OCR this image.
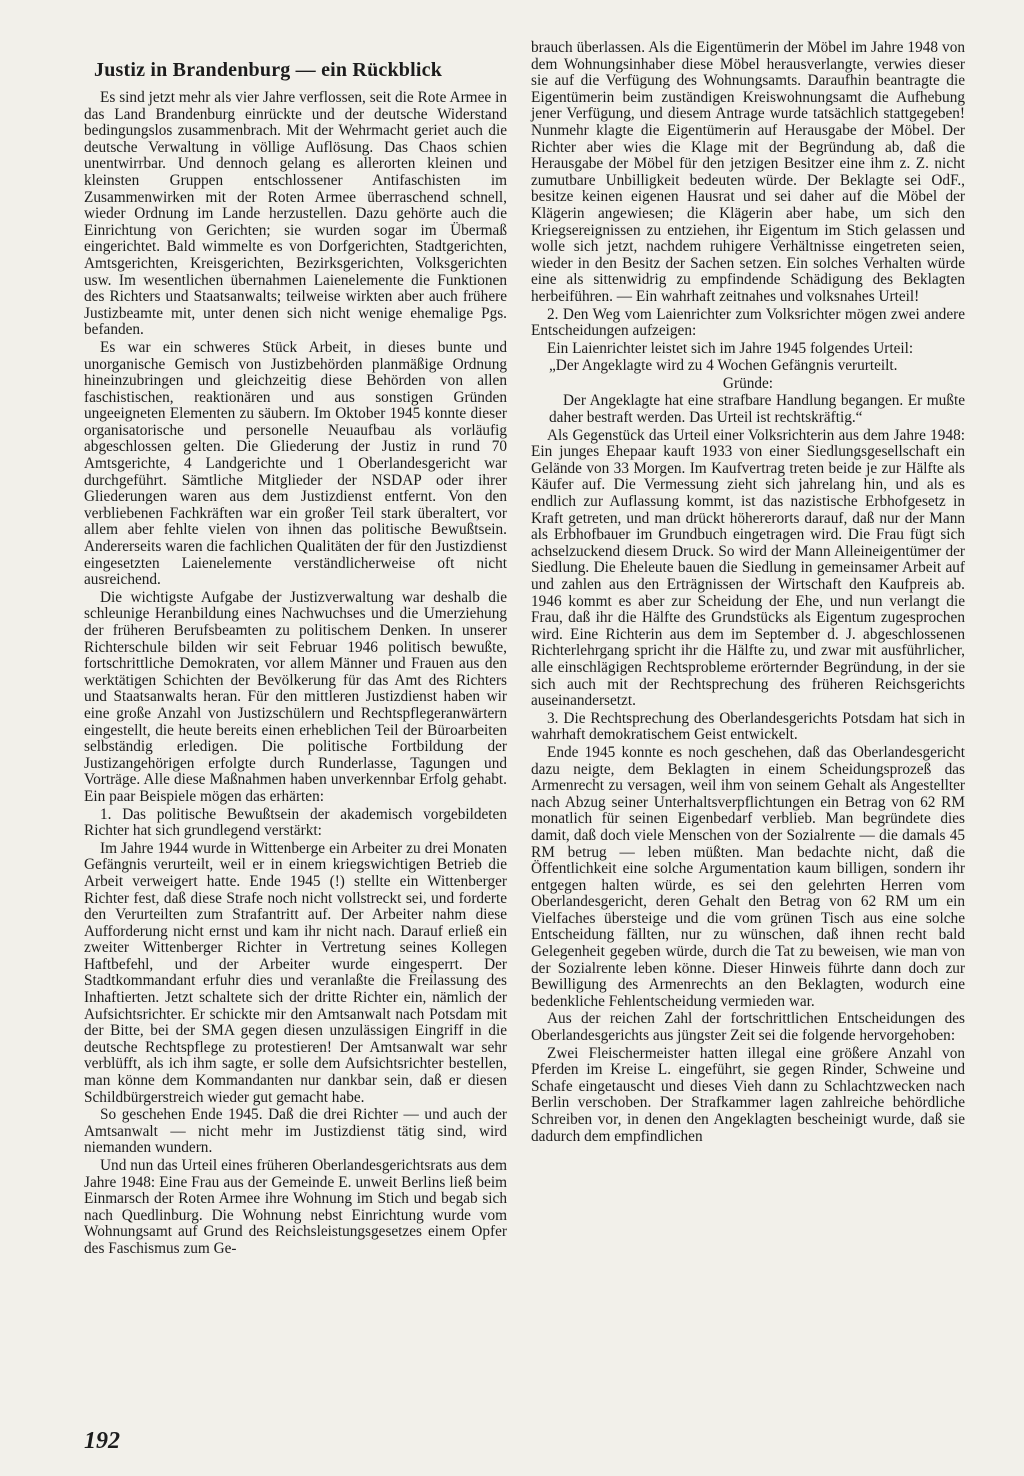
Justiz in Brandenburg — ein Rückblick

Es sind jetzt mehr als vier Jahre verflossen, seit die Rote Armee in das Land Brandenburg einrückte und der deutsche Widerstand bedingungslos zusammenbrach. Mit der Wehrmacht geriet auch die deutsche Verwaltung in völlige Auflösung. Das Chaos schien unentwirrbar. Und dennoch gelang es allerorten kleinen und kleinsten Gruppen entschlossener Antifaschisten im Zusammenwirken mit der Roten Armee überraschend schnell, wieder Ordnung im Lande herzustellen. Dazu gehörte auch die Einrichtung von Gerichten; sie wurden sogar im Übermaß eingerichtet. Bald wimmelte es von Dorfgerichten, Stadtgerichten, Amtsgerichten, Kreisgerichten, Bezirksgerichten, Volksgerichten usw. Im wesentlichen übernahmen Laienelemente die Funktionen des Richters und Staatsanwalts; teilweise wirkten aber auch frühere Justizbeamte mit, unter denen sich nicht wenige ehemalige Pgs. befanden.

Es war ein schweres Stück Arbeit, in dieses bunte und unorganische Gemisch von Justizbehörden planmäßige Ordnung hineinzubringen und gleichzeitig diese Behörden von allen faschistischen, reaktionären und aus sonstigen Gründen ungeeigneten Elementen zu säubern. Im Oktober 1945 konnte dieser organisatorische und personelle Neuaufbau als vorläufig abgeschlossen gelten. Die Gliederung der Justiz in rund 70 Amtsgerichte, 4 Landgerichte und 1 Oberlandesgericht war durchgeführt. Sämtliche Mitglieder der NSDAP oder ihrer Gliederungen waren aus dem Justizdienst entfernt. Von den verbliebenen Fachkräften war ein großer Teil stark überaltert, vor allem aber fehlte vielen von ihnen das politische Bewußtsein. Andererseits waren die fachlichen Qualitäten der für den Justizdienst eingesetzten Laienelemente verständlicherweise oft nicht ausreichend.

Die wichtigste Aufgabe der Justizverwaltung war deshalb die schleunige Heranbildung eines Nachwuchses und die Umerziehung der früheren Berufsbeamten zu politischem Denken. In unserer Richterschule bilden wir seit Februar 1946 politisch bewußte, fortschrittliche Demokraten, vor allem Männer und Frauen aus den werktätigen Schichten der Bevölkerung für das Amt des Richters und Staatsanwalts heran. Für den mittleren Justizdienst haben wir eine große Anzahl von Justizschülern und Rechtspflegeranwärtern eingestellt, die heute bereits einen erheblichen Teil der Büroarbeiten selbständig erledigen. Die politische Fortbildung der Justizangehörigen erfolgte durch Runderlasse, Tagungen und Vorträge. Alle diese Maßnahmen haben unverkennbar Erfolg gehabt. Ein paar Beispiele mögen das erhärten:

1. Das politische Bewußtsein der akademisch vorgebildeten Richter hat sich grundlegend verstärkt:

Im Jahre 1944 wurde in Wittenberge ein Arbeiter zu drei Monaten Gefängnis verurteilt, weil er in einem kriegswichtigen Betrieb die Arbeit verweigert hatte. Ende 1945 (!) stellte ein Wittenberger Richter fest, daß diese Strafe noch nicht vollstreckt sei, und forderte den Verurteilten zum Strafantritt auf. Der Arbeiter nahm diese Aufforderung nicht ernst und kam ihr nicht nach. Darauf erließ ein zweiter Wittenberger Richter in Vertretung seines Kollegen Haftbefehl, und der Arbeiter wurde eingesperrt. Der Stadtkommandant erfuhr dies und veranlaßte die Freilassung des Inhaftierten. Jetzt schaltete sich der dritte Richter ein, nämlich der Aufsichtsrichter. Er schickte mir den Amtsanwalt nach Potsdam mit der Bitte, bei der SMA gegen diesen unzulässigen Eingriff in die deutsche Rechtspflege zu protestieren! Der Amtsanwalt war sehr verblüfft, als ich ihm sagte, er solle dem Aufsichtsrichter bestellen, man könne dem Kommandanten nur dankbar sein, daß er diesen Schildbürgerstreich wieder gut gemacht habe.

So geschehen Ende 1945. Daß die drei Richter — und auch der Amtsanwalt — nicht mehr im Justizdienst tätig sind, wird niemanden wundern.

Und nun das Urteil eines früheren Oberlandesgerichtsrats aus dem Jahre 1948: Eine Frau aus der Gemeinde E. unweit Berlins ließ beim Einmarsch der Roten Armee ihre Wohnung im Stich und begab sich nach Quedlinburg. Die Wohnung nebst Einrichtung wurde vom Wohnungsamt auf Grund des Reichsleistungsgesetzes einem Opfer des Faschismus zum Ge-

brauch überlassen. Als die Eigentümerin der Möbel im Jahre 1948 von dem Wohnungsinhaber diese Möbel herausverlangte, verwies dieser sie auf die Verfügung des Wohnungsamts. Daraufhin beantragte die Eigentümerin beim zuständigen Kreiswohnungsamt die Aufhebung jener Verfügung, und diesem Antrage wurde tatsächlich stattgegeben! Nunmehr klagte die Eigentümerin auf Herausgabe der Möbel. Der Richter aber wies die Klage mit der Begründung ab, daß die Herausgabe der Möbel für den jetzigen Besitzer eine ihm z. Z. nicht zumutbare Unbilligkeit bedeuten würde. Der Beklagte sei OdF., besitze keinen eigenen Hausrat und sei daher auf die Möbel der Klägerin angewiesen; die Klägerin aber habe, um sich den Kriegsereignissen zu entziehen, ihr Eigentum im Stich gelassen und wolle sich jetzt, nachdem ruhigere Verhältnisse eingetreten seien, wieder in den Besitz der Sachen setzen. Ein solches Verhalten würde eine als sittenwidrig zu empfindende Schädigung des Beklagten herbeiführen. — Ein wahrhaft zeitnahes und volksnahes Urteil!

2. Den Weg vom Laienrichter zum Volksrichter mögen zwei andere Entscheidungen aufzeigen:

Ein Laienrichter leistet sich im Jahre 1945 folgendes Urteil:

„Der Angeklagte wird zu 4 Wochen Gefängnis verurteilt.

Gründe:

Der Angeklagte hat eine strafbare Handlung begangen. Er mußte daher bestraft werden. Das Urteil ist rechtskräftig.“

Als Gegenstück das Urteil einer Volksrichterin aus dem Jahre 1948: Ein junges Ehepaar kauft 1933 von einer Siedlungsgesellschaft ein Gelände von 33 Morgen. Im Kaufvertrag treten beide je zur Hälfte als Käufer auf. Die Vermessung zieht sich jahrelang hin, und als es endlich zur Auflassung kommt, ist das nazistische Erbhofgesetz in Kraft getreten, und man drückt höhererorts darauf, daß nur der Mann als Erbhofbauer im Grundbuch eingetragen wird. Die Frau fügt sich achselzuckend diesem Druck. So wird der Mann Alleineigentümer der Siedlung. Die Eheleute bauen die Siedlung in gemeinsamer Arbeit auf und zahlen aus den Erträgnissen der Wirtschaft den Kaufpreis ab. 1946 kommt es aber zur Scheidung der Ehe, und nun verlangt die Frau, daß ihr die Hälfte des Grundstücks als Eigentum zugesprochen wird. Eine Richterin aus dem im September d. J. abgeschlossenen Richterlehrgang spricht ihr die Hälfte zu, und zwar mit ausführlicher, alle einschlägigen Rechtsprobleme erörternder Begründung, in der sie sich auch mit der Rechtsprechung des früheren Reichsgerichts auseinandersetzt.

3. Die Rechtsprechung des Oberlandesgerichts Potsdam hat sich in wahrhaft demokratischem Geist entwickelt.

Ende 1945 konnte es noch geschehen, daß das Oberlandesgericht dazu neigte, dem Beklagten in einem Scheidungsprozeß das Armenrecht zu versagen, weil ihm von seinem Gehalt als Angestellter nach Abzug seiner Unterhaltsverpflichtungen ein Betrag von 62 RM monatlich für seinen Eigenbedarf verblieb. Man begründete dies damit, daß doch viele Menschen von der Sozialrente — die damals 45 RM betrug — leben müßten. Man bedachte nicht, daß die Öffentlichkeit eine solche Argumentation kaum billigen, sondern ihr entgegen halten würde, es sei den gelehrten Herren vom Oberlandesgericht, deren Gehalt den Betrag von 62 RM um ein Vielfaches übersteige und die vom grünen Tisch aus eine solche Entscheidung fällten, nur zu wünschen, daß ihnen recht bald Gelegenheit gegeben würde, durch die Tat zu beweisen, wie man von der Sozialrente leben könne. Dieser Hinweis führte dann doch zur Bewilligung des Armenrechts an den Beklagten, wodurch eine bedenkliche Fehlentscheidung vermieden war.

Aus der reichen Zahl der fortschrittlichen Entscheidungen des Oberlandesgerichts aus jüngster Zeit sei die folgende hervorgehoben:

Zwei Fleischermeister hatten illegal eine größere Anzahl von Pferden im Kreise L. eingeführt, sie gegen Rinder, Schweine und Schafe eingetauscht und dieses Vieh dann zu Schlachtzwecken nach Berlin verschoben. Der Strafkammer lagen zahlreiche behördliche Schreiben vor, in denen den Angeklagten bescheinigt wurde, daß sie dadurch dem empfindlichen

192
